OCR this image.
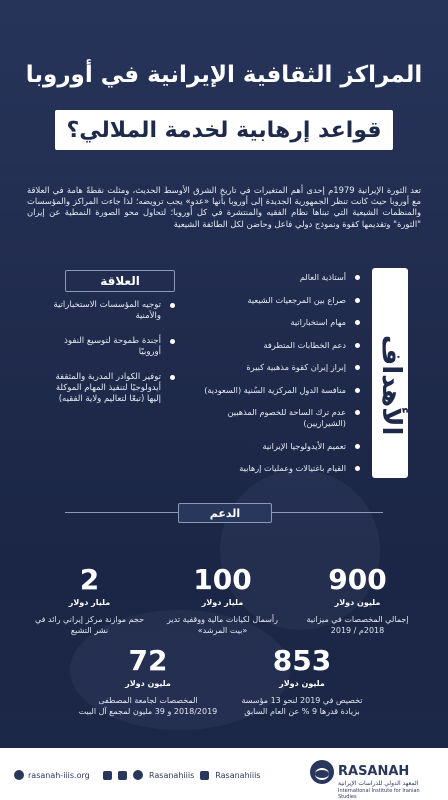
المراكز الثقافية الإيرانية في أوروبا
قواعد إرهابية لخدمة الملالي؟
تعد الثورة الإيرانية 1979م إحدى أهم المتغيرات في تاريخ الشرق الأوسط الحديث، ومثلت نقطةً هامة في العلاقة مع أوروبا حيث كانت تنظر الجمهورية الجديدة إلى أوروبا بأنها «عدو» يجب ترويضه؛ لذا جاءت المراكز والمؤسسات والمنظمات الشيعية التي تبناها نظام الفقيه والمنتشرة في كل أوروبا؛ لتحاول محو الصورة النمطية عن إيران "الثورة" وتقديمها كقوة ونموذج دولي فاعل وحاضن لكل الطائفة الشيعية
العلاقة
توجيه المؤسسات الاستخباراتية والأمنية
أجندة طموحة لتوسيع النفوذ أوروبيًا
توفير الكوادر المدربة والمثقفة أيدولوجيًا لتنفيذ المهام الموكلة إليها (تبعًا لتعاليم ولاية الفقيه)	الأهداف
أستاذية العالم
صراع بين المرجعيات الشيعية
مهام استخباراتية
دعم الخطابات المتطرفة
إبراز إيران كقوة مذهبية كبيرة
منافسة الدول المركزية السُنية (السعودية)
عدم ترك الساحة للخصوم المذهبين (الشيرازيين)
تعميم الأيدولوجيا الإيرانية
القيام باغتيالات وعمليات إرهابية
الدعم
900
مليون دولار
إجمالي المخصصات في ميزانية 2018م / 2019
100
مليار دولار
رأسمال لكيانات مالية ووقفية تدير «بيت المرشد»
2
مليار دولار
حجم موازنة مركز إيراني رائد في نشر التشيع
853
مليون دولار
تخصيص في 2019 لنحو 13 مؤسسة بزيادة قدرها 9 % عن العام السابق
72
مليون دولار
المخصصات لجامعة المصطفى 2018/2019 و 39 مليون لمجمع آل البيت
rasanah-iiis.org	Rasanahiiis	Rasanahiiis	RASANAH
المعهد الدولي للدراسات الإيرانية
International Institute for Iranian Studies
